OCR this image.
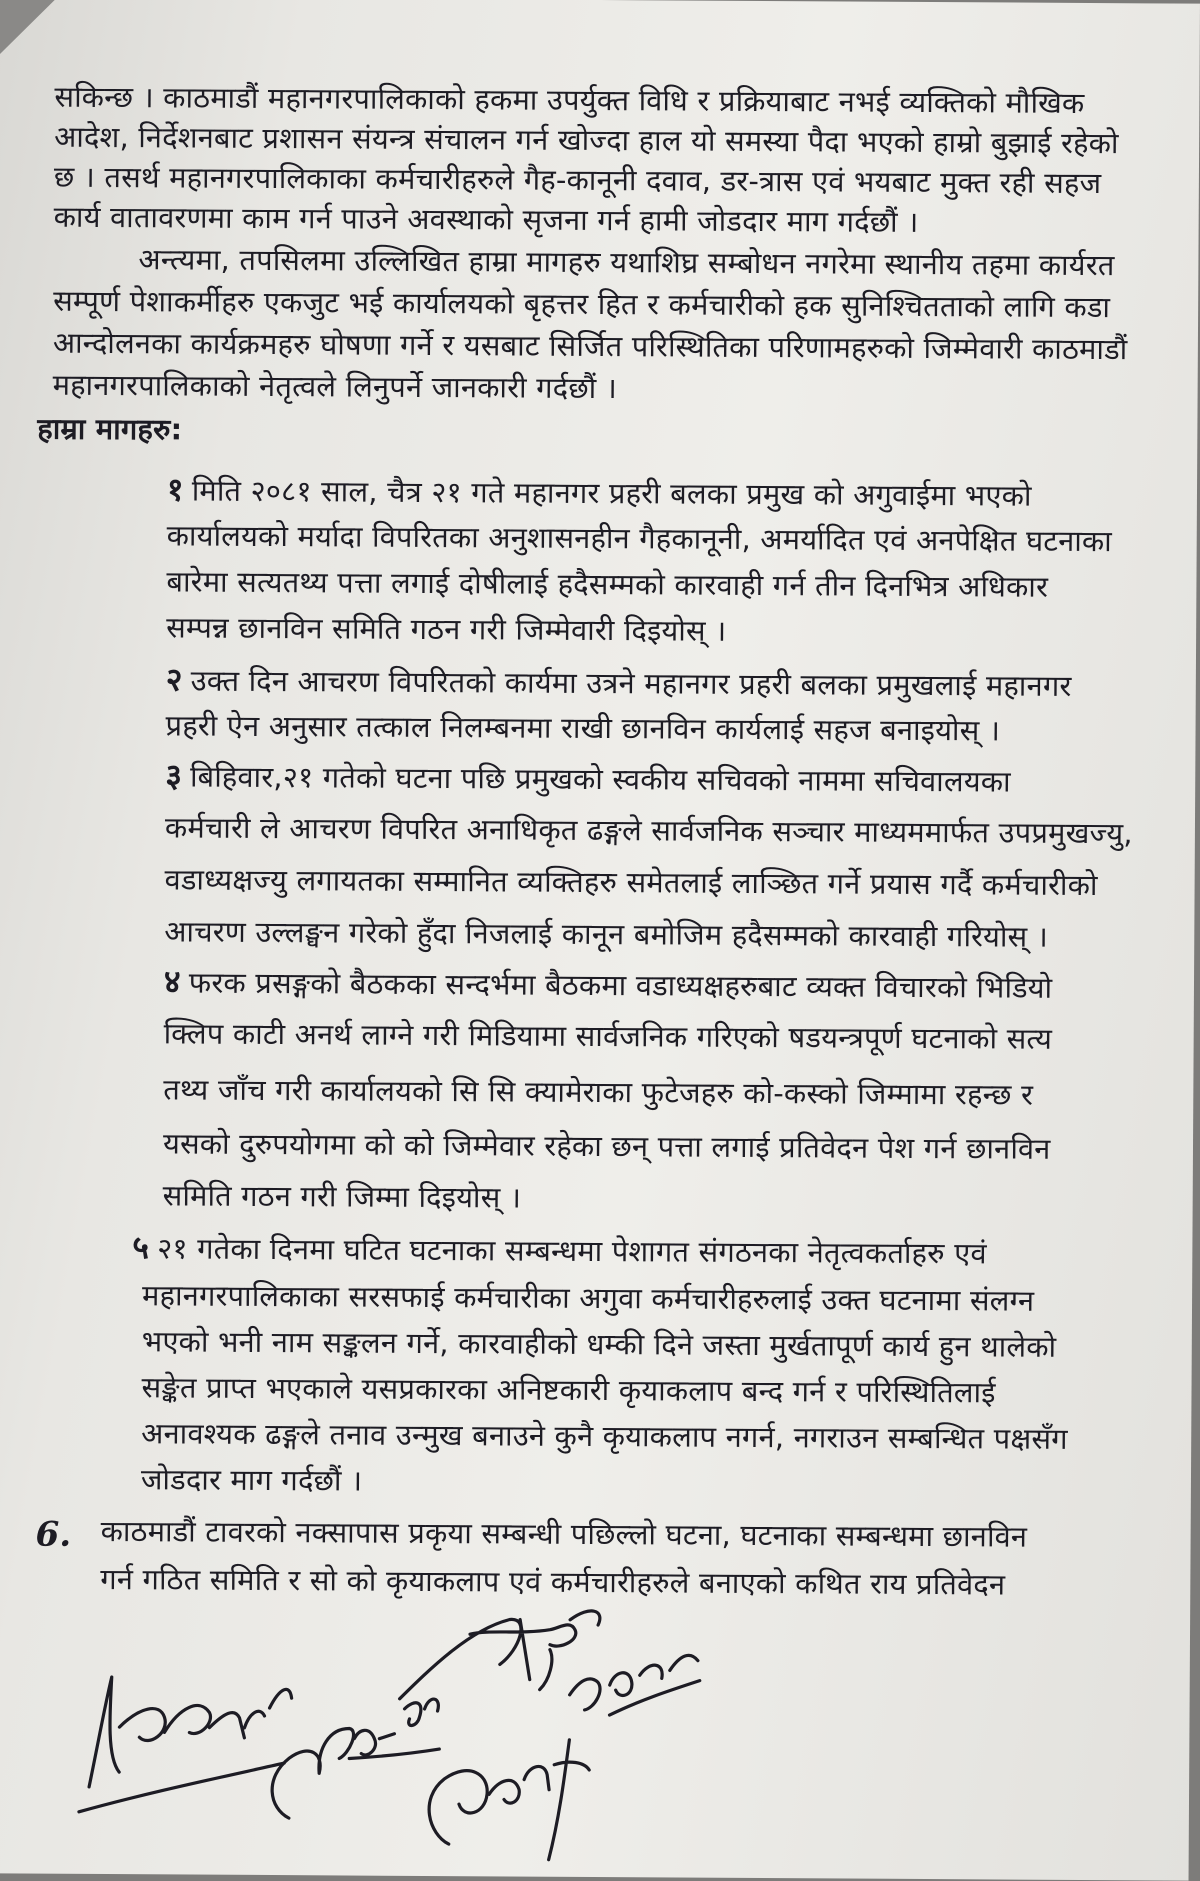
सकिन्छ । काठमाडौं महानगरपालिकाको हकमा उपर्युक्त विधि र प्रक्रियाबाट नभई व्यक्तिको मौखिक

आदेश, निर्देशनबाट प्रशासन संयन्त्र संचालन गर्न खोज्दा हाल यो समस्या पैदा भएको हाम्रो बुझाई रहेको

छ । तसर्थ महानगरपालिकाका कर्मचारीहरुले गैह-कानूनी दवाव, डर-त्रास एवं भयबाट मुक्त रही सहज

कार्य वातावरणमा काम गर्न पाउने अवस्थाको सृजना गर्न हामी जोडदार माग गर्दछौं ।

अन्त्यमा, तपसिलमा उल्लिखित हाम्रा मागहरु यथाशिघ्र सम्बोधन नगरेमा स्थानीय तहमा कार्यरत

सम्पूर्ण पेशाकर्मीहरु एकजुट भई कार्यालयको बृहत्तर हित र कर्मचारीको हक सुनिश्चितताको लागि कडा

आन्दोलनका कार्यक्रमहरु घोषणा गर्ने र यसबाट सिर्जित परिस्थितिका परिणामहरुको जिम्मेवारी काठमाडौं

महानगरपालिकाको नेतृत्वले लिनुपर्ने जानकारी गर्दछौं ।

हाम्रा मागहरु:

१ मिति २०८१ साल, चैत्र २१ गते महानगर प्रहरी बलका प्रमुख को अगुवाईमा भएको

कार्यालयको मर्यादा विपरितका अनुशासनहीन गैहकानूनी, अमर्यादित एवं अनपेक्षित घटनाका

बारेमा सत्यतथ्य पत्ता लगाई दोषीलाई हदैसम्मको कारवाही गर्न तीन दिनभित्र अधिकार

सम्पन्न छानविन समिति गठन गरी जिम्मेवारी दिइयोस् ।

२ उक्त दिन आचरण विपरितको कार्यमा उत्रने महानगर प्रहरी बलका प्रमुखलाई महानगर

प्रहरी ऐन अनुसार तत्काल निलम्बनमा राखी छानविन कार्यलाई सहज बनाइयोस् ।

३ बिहिवार,२१ गतेको घटना पछि प्रमुखको स्वकीय सचिवको नाममा सचिवालयका

कर्मचारी ले आचरण विपरित अनाधिकृत ढङ्गले सार्वजनिक सञ्चार माध्यममार्फत उपप्रमुखज्यु,

वडाध्यक्षज्यु लगायतका सम्मानित व्यक्तिहरु समेतलाई लाञ्छित गर्ने प्रयास गर्दै कर्मचारीको

आचरण उल्लङ्घन गरेको हुँदा निजलाई कानून बमोजिम हदैसम्मको कारवाही गरियोस् ।

४ फरक प्रसङ्गको बैठकका सन्दर्भमा बैठकमा वडाध्यक्षहरुबाट व्यक्त विचारको भिडियो

क्लिप काटी अनर्थ लाग्ने गरी मिडियामा सार्वजनिक गरिएको षडयन्त्रपूर्ण घटनाको सत्य

तथ्य जाँच गरी कार्यालयको सि सि क्यामेराका फुटेजहरु को-कस्को जिम्मामा रहन्छ र

यसको दुरुपयोगमा को को जिम्मेवार रहेका छन् पत्ता लगाई प्रतिवेदन पेश गर्न छानविन

समिति गठन गरी जिम्मा दिइयोस् ।

५ २१ गतेका दिनमा घटित घटनाका सम्बन्धमा पेशागत संगठनका नेतृत्वकर्ताहरु एवं

महानगरपालिकाका सरसफाई कर्मचारीका अगुवा कर्मचारीहरुलाई उक्त घटनामा संलग्न

भएको भनी नाम सङ्कलन गर्ने, कारवाहीको धम्की दिने जस्ता मुर्खतापूर्ण कार्य हुन थालेको

सङ्केत प्राप्त भएकाले यसप्रकारका अनिष्टकारी कृयाकलाप बन्द गर्न र परिस्थितिलाई

अनावश्यक ढङ्गले तनाव उन्मुख बनाउने कुनै कृयाकलाप नगर्न, नगराउन सम्बन्धित पक्षसँग

जोडदार माग गर्दछौं ।

6. काठमाडौं टावरको नक्सापास प्रकृया सम्बन्धी पछिल्लो घटना, घटनाका सम्बन्धमा छानविन

गर्न गठित समिति र सो को कृयाकलाप एवं कर्मचारीहरुले बनाएको कथित राय प्रतिवेदन
